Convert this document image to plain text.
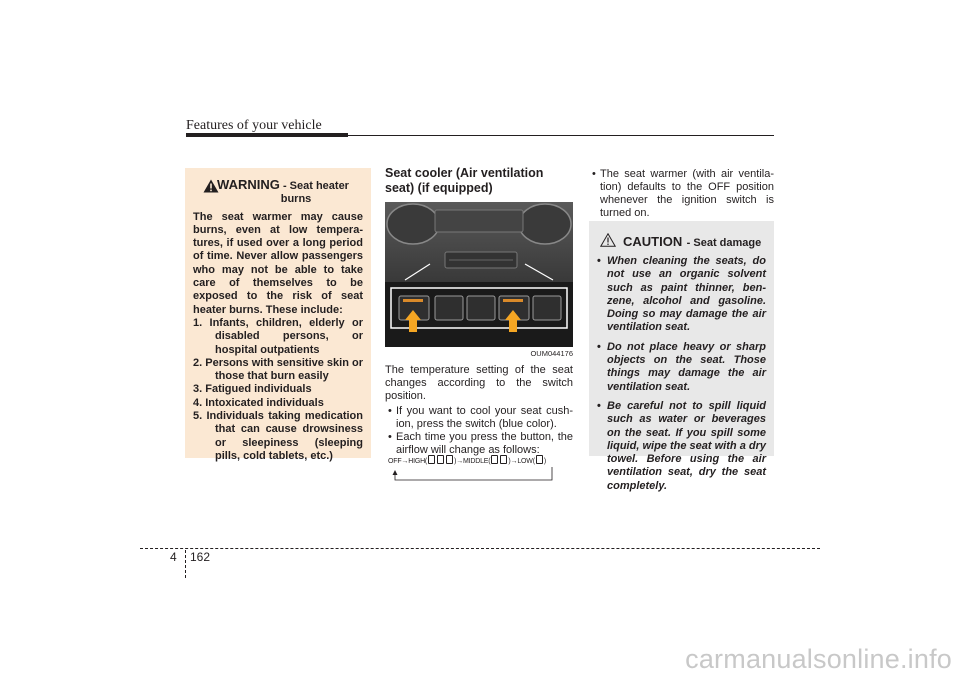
Features of your vehicle
WARNING - Seat heater
burns
The seat warmer may cause burns, even at low tempera-tures, if used over a long period of time. Never allow passengers who may not be able to take care of themselves to be exposed to the risk of seat heater burns. These include:
1. Infants, children, elderly or disabled persons, or hospital outpatients
2. Persons with sensitive skin or those that burn easily
3. Fatigued individuals
4. Intoxicated individuals
5. Individuals taking medication that can cause drowsiness or sleepiness (sleeping pills, cold tablets, etc.)
Seat cooler (Air ventilation seat) (if equipped)
OUM044176
The temperature setting of the seat changes according to the switch position.
• If you want to cool your seat cush-ion, press the switch (blue color).
• Each time you press the button, the airflow will change as follows:
OFF→HIGH(	)→MIDDLE(	)→LOW( )
• The seat warmer (with air ventila-tion) defaults to the OFF position whenever the ignition switch is turned on.
CAUTION - Seat damage
• When cleaning the seats, do not use an organic solvent such as paint thinner, ben-zene, alcohol and gasoline. Doing so may damage the air ventilation seat.
• Do not place heavy or sharp objects on the seat. Those things may damage the air ventilation seat.
• Be careful not to spill liquid such as water or beverages on the seat. If you spill some liquid, wipe the seat with a dry towel. Before using the air ventilation seat, dry the seat completely.
4 162
carmanualsonline.info
